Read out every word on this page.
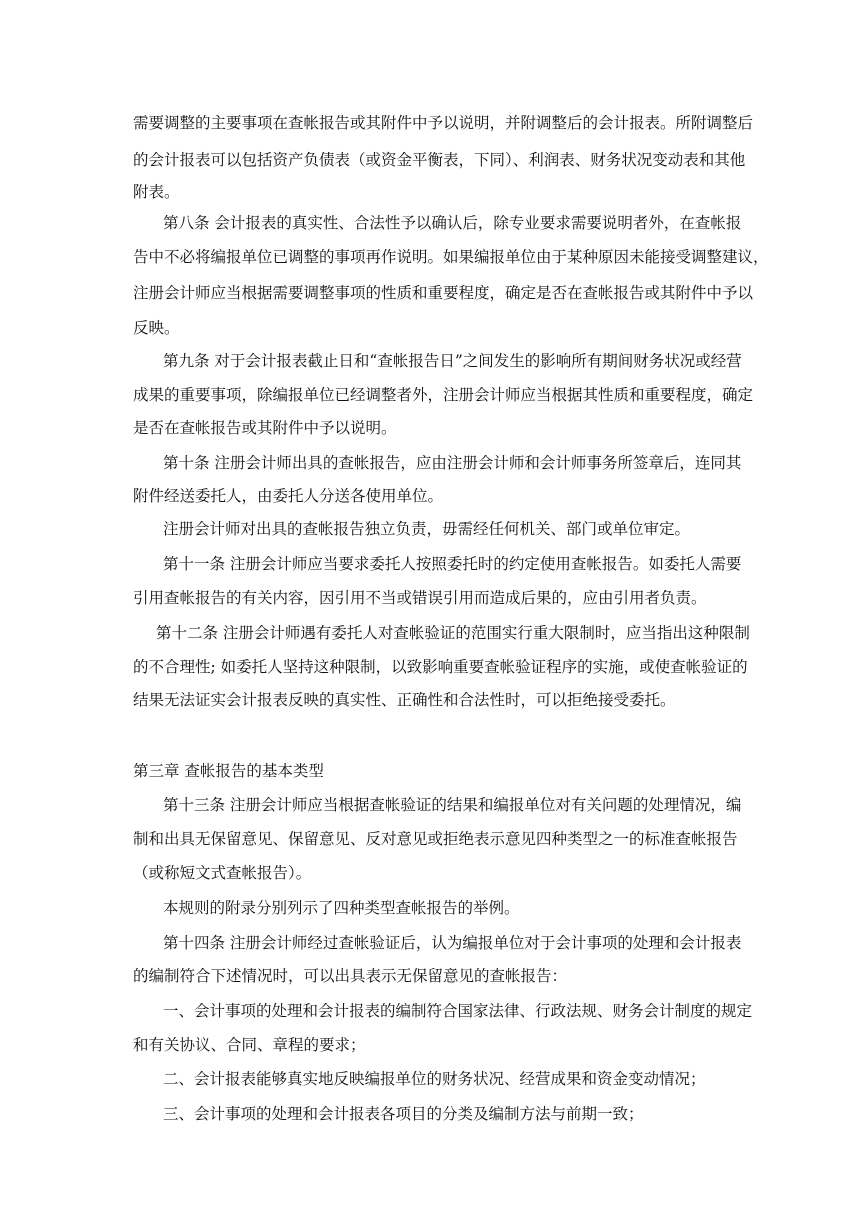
需要调整的主要事项在查帐报告或其附件中予以说明，并附调整后的会计报表。所附调整后
的会计报表可以包括资产负债表（或资金平衡表，下同）、利润表、财务状况变动表和其他
附表。
第八条 会计报表的真实性、合法性予以确认后，除专业要求需要说明者外，在查帐报
告中不必将编报单位已调整的事项再作说明。如果编报单位由于某种原因未能接受调整建议，
注册会计师应当根据需要调整事项的性质和重要程度，确定是否在查帐报告或其附件中予以
反映。
第九条 对于会计报表截止日和“查帐报告日”之间发生的影响所有期间财务状况或经营
成果的重要事项，除编报单位已经调整者外，注册会计师应当根据其性质和重要程度，确定
是否在查帐报告或其附件中予以说明。
第十条 注册会计师出具的查帐报告，应由注册会计师和会计师事务所签章后，连同其
附件经送委托人，由委托人分送各使用单位。
注册会计师对出具的查帐报告独立负责，毋需经任何机关、部门或单位审定。
第十一条 注册会计师应当要求委托人按照委托时的约定使用查帐报告。如委托人需要
引用查帐报告的有关内容，因引用不当或错误引用而造成后果的，应由引用者负责。
第十二条 注册会计师遇有委托人对查帐验证的范围实行重大限制时，应当指出这种限制
的不合理性; 如委托人坚持这种限制，以致影响重要查帐验证程序的实施，或使查帐验证的
结果无法证实会计报表反映的真实性、正确性和合法性时，可以拒绝接受委托。
第三章 查帐报告的基本类型
第十三条 注册会计师应当根据查帐验证的结果和编报单位对有关问题的处理情况，编
制和出具无保留意见、保留意见、反对意见或拒绝表示意见四种类型之一的标准查帐报告
（或称短文式查帐报告）。
本规则的附录分别列示了四种类型查帐报告的举例。
第十四条 注册会计师经过查帐验证后，认为编报单位对于会计事项的处理和会计报表
的编制符合下述情况时，可以出具表示无保留意见的查帐报告：
一、会计事项的处理和会计报表的编制符合国家法律、行政法规、财务会计制度的规定
和有关协议、合同、章程的要求；
二、会计报表能够真实地反映编报单位的财务状况、经营成果和资金变动情况；
三、会计事项的处理和会计报表各项目的分类及编制方法与前期一致；
